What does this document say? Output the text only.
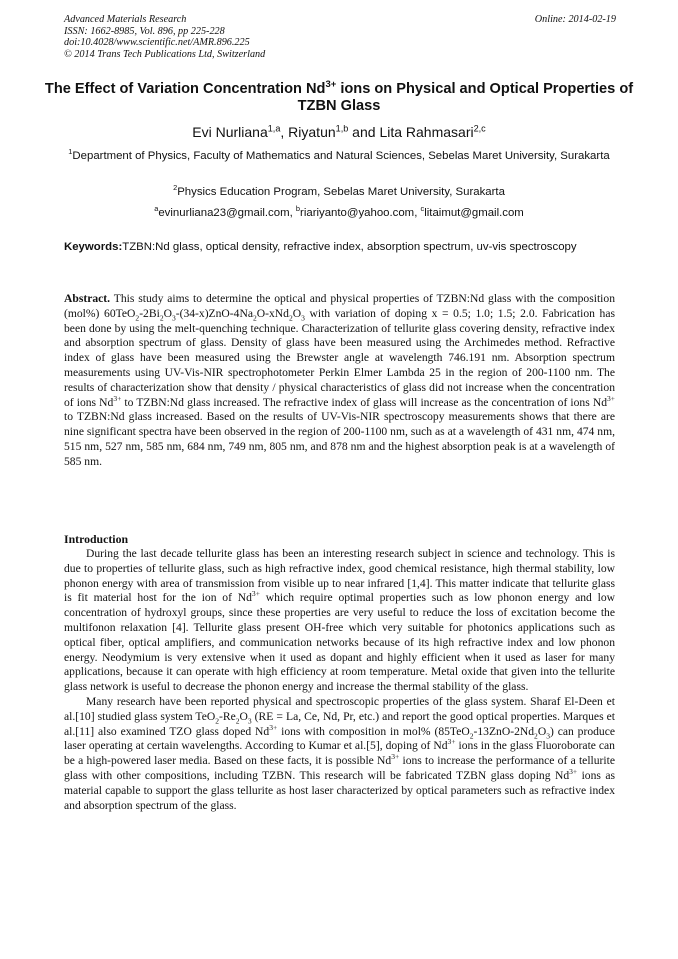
Advanced Materials Research
ISSN: 1662-8985, Vol. 896, pp 225-228
doi:10.4028/www.scientific.net/AMR.896.225
© 2014 Trans Tech Publications Ltd, Switzerland
Online: 2014-02-19
The Effect of Variation Concentration $Nd^{3+}$ ions on Physical and Optical Properties of TZBN Glass
Evi Nurliana$^{1,a}$, Riyatun$^{1,b}$ and Lita Rahmasari$^{2,c}$
$^1$Department of Physics, Faculty of Mathematics and Natural Sciences, Sebelas Maret University, Surakarta
$^2$Physics Education Program, Sebelas Maret University, Surakarta
$^a$evinurliana23@gmail.com, $^b$riariyanto@yahoo.com, $^c$litaimut@gmail.com
Keywords:TZBN:Nd glass, optical density, refractive index, absorption spectrum, uv-vis spectroscopy
Abstract. This study aims to determine the optical and physical properties of TZBN:Nd glass with the composition (mol%) $60TeO_2-2Bi_2O_3-(34-x)ZnO-4Na_2O-xNd_2O_3$ with variation of doping x = 0.5; 1.0; 1.5; 2.0. Fabrication has been done by using the melt-quenching technique. Characterization of tellurite glass covering density, refractive index and absorption spectrum of glass. Density of glass have been measured using the Archimedes method. Refractive index of glass have been measured using the Brewster angle at wavelength 746.191 nm. Absorption spectrum measurements using UV-Vis-NIR spectrophotometer Perkin Elmer Lambda 25 in the region of 200-1100 nm. The results of characterization show that density / physical characteristics of glass did not increase when the concentration of ions $Nd^{3+}$ to TZBN:Nd glass increased. The refractive index of glass will increase as the concentration of ions $Nd^{3+}$ to TZBN:Nd glass increased. Based on the results of UV-Vis-NIR spectroscopy measurements shows that there are nine significant spectra have been observed in the region of 200-1100 nm, such as at a wavelength of 431 nm, 474 nm, 515 nm, 527 nm, 585 nm, 684 nm, 749 nm, 805 nm, and 878 nm and the highest absorption peak is at a wavelength of 585 nm.
Introduction

During the last decade tellurite glass has been an interesting research subject in science and technology. This is due to properties of tellurite glass, such as high refractive index, good chemical resistance, high thermal stability, low phonon energy with area of transmission from visible up to near infrared [1,4]. This matter indicate that tellurite glass is fit material host for the ion of $Nd^{3+}$ which require optimal properties such as low phonon energy and low concentration of hydroxyl groups, since these properties are very useful to reduce the loss of excitation become the multifonon relaxation [4]. Tellurite glass present OH-free which very suitable for photonics applications such as optical fiber, optical amplifiers, and communication networks because of its high refractive index and low phonon energy. Neodymium is very extensive when it used as dopant and highly efficient when it used as laser for many applications, because it can operate with high efficiency at room temperature. Metal oxide that given into the tellurite glass network is useful to decrease the phonon energy and increase the thermal stability of the glass.

Many research have been reported physical and spectroscopic properties of the glass system. Sharaf El-Deen et al.[10] studied glass system $TeO_2-Re_2O_3$ (RE = La, Ce, Nd, Pr, etc.) and report the good optical properties. Marques et al.[11] also examined TZO glass doped $Nd^{3+}$ ions with composition in mol% $(85TeO_2-13ZnO-2Nd_2O_3)$ can produce laser operating at certain wavelengths. According to Kumar et al.[5], doping of $Nd^{3+}$ ions in the glass Fluoroborate can be a high-powered laser media. Based on these facts, it is possible $Nd^{3+}$ ions to increase the performance of a tellurite glass with other compositions, including TZBN. This research will be fabricated TZBN glass doping $Nd^{3+}$ ions as material capable to support the glass tellurite as host laser characterized by optical parameters such as refractive index and absorption spectrum of the glass.
